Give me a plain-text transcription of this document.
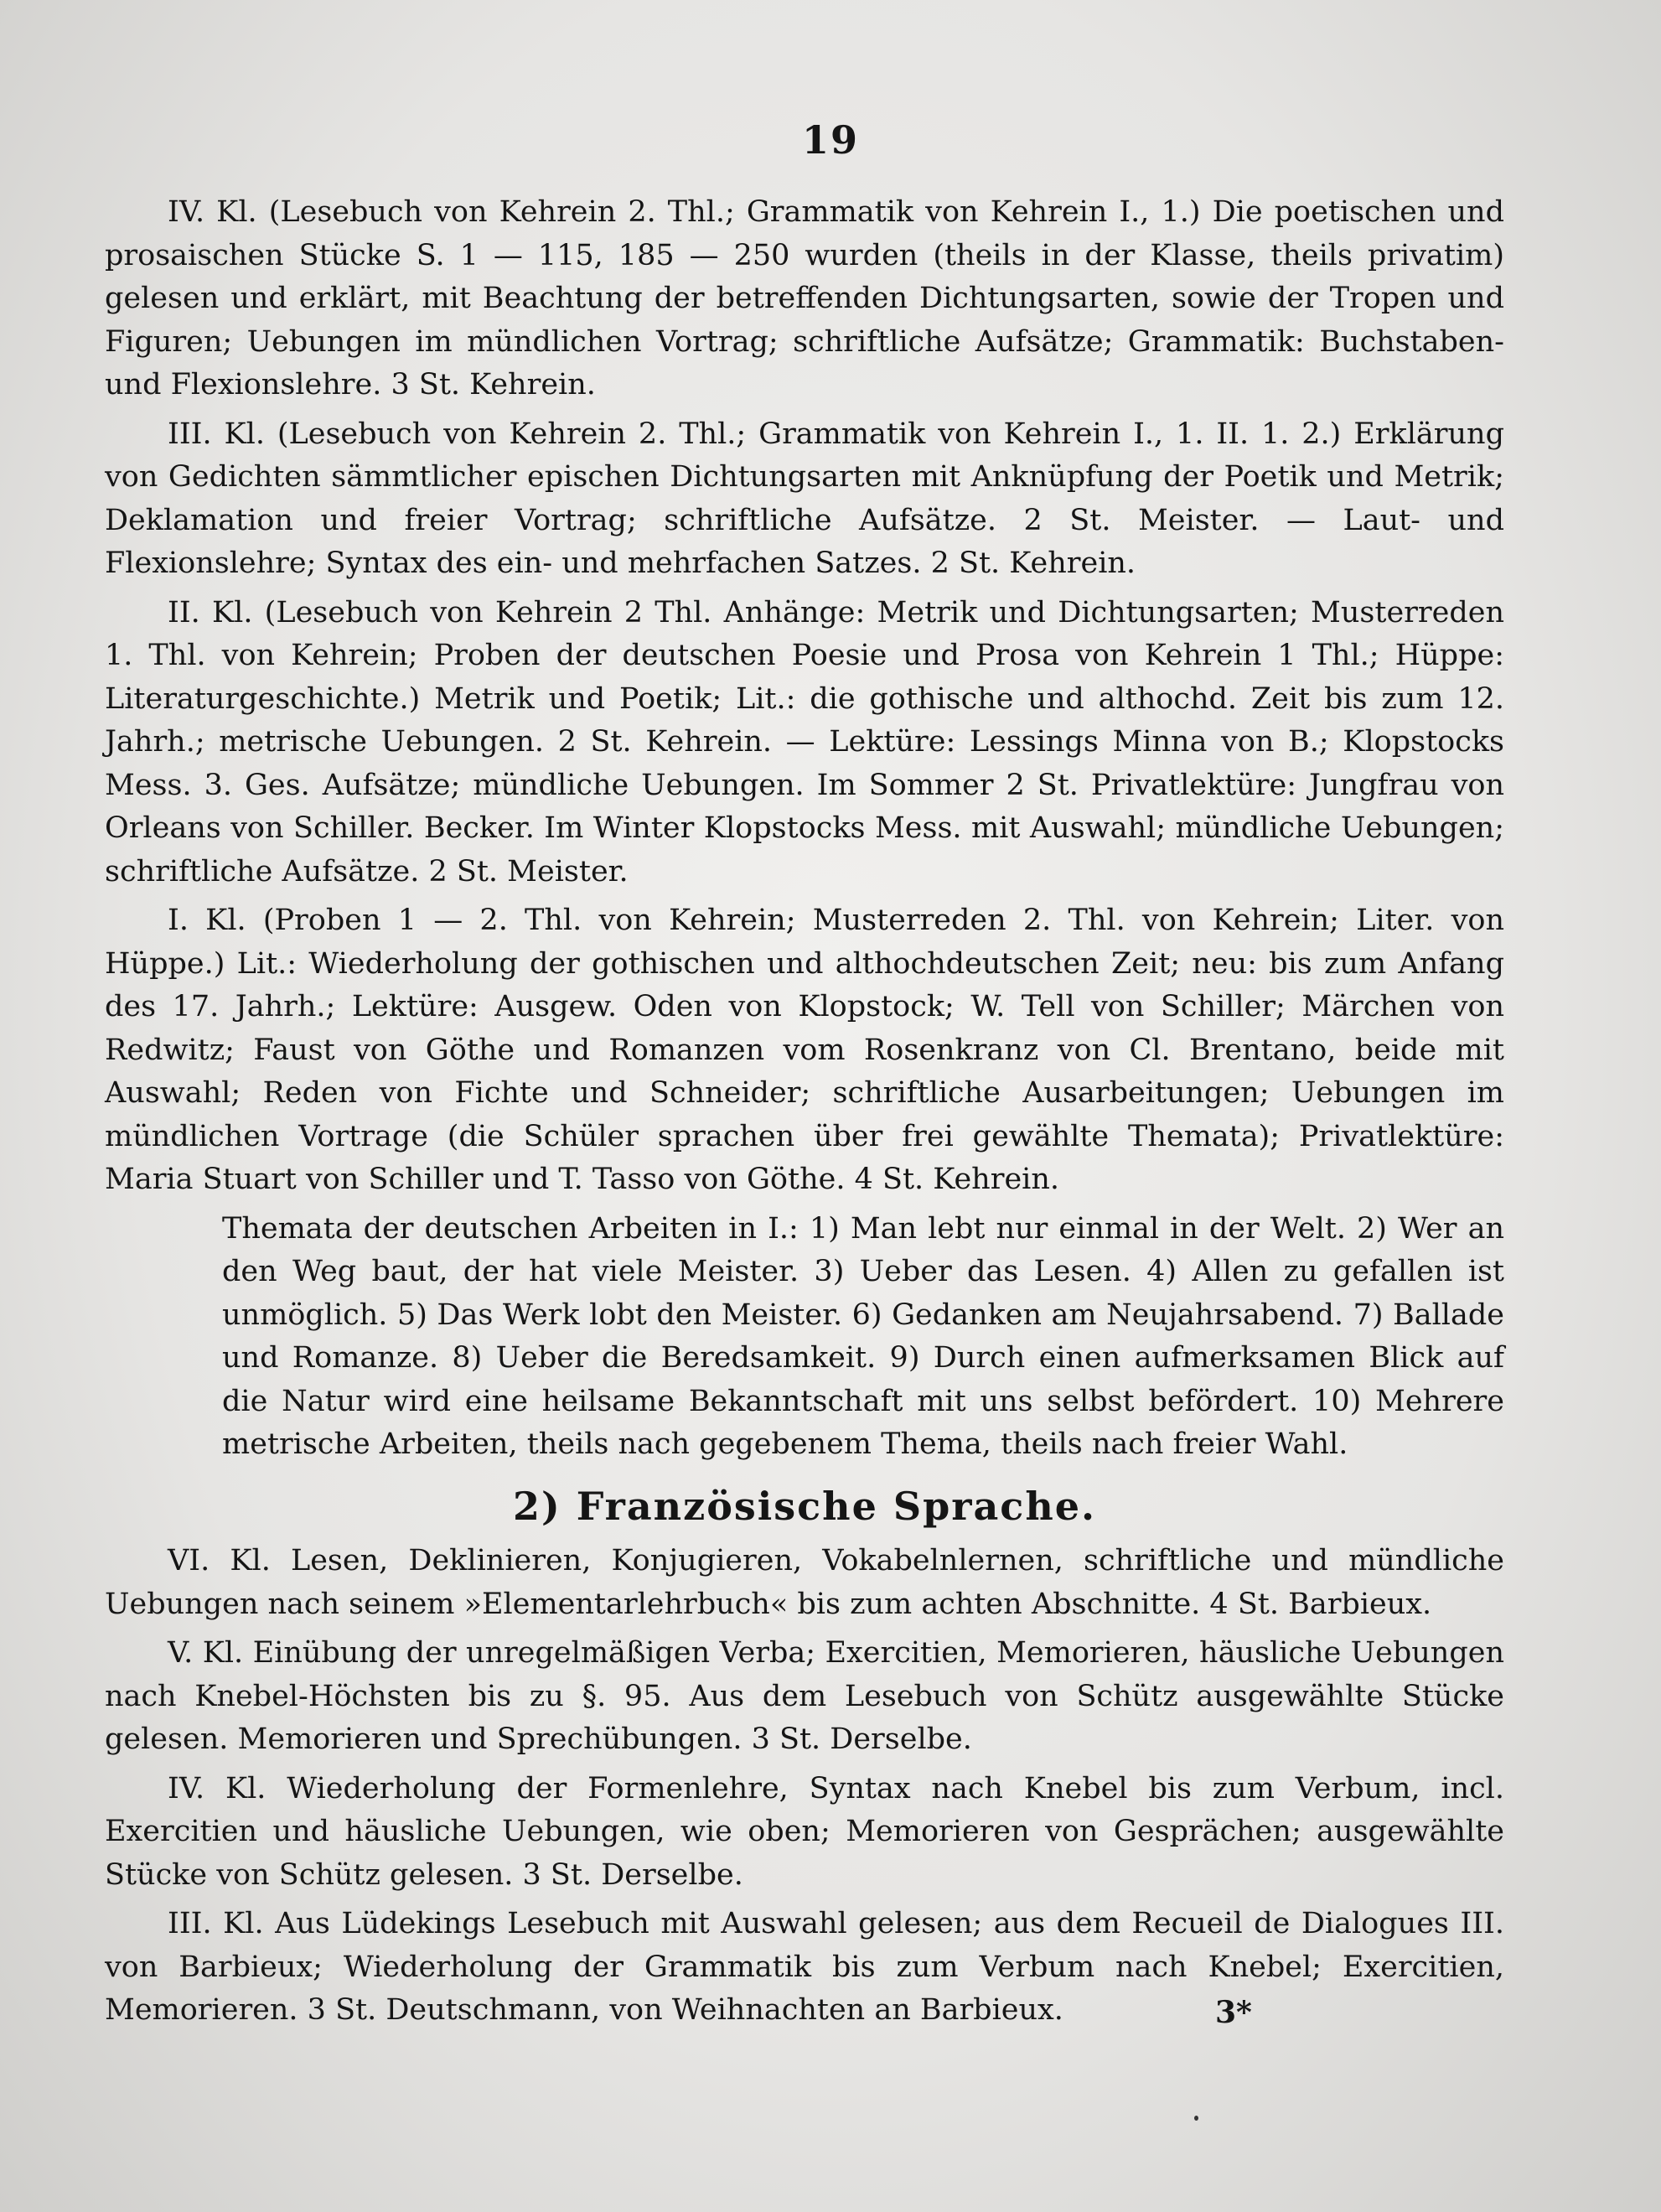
19

IV. Kl. (Lesebuch von Kehrein 2. Thl.; Grammatik von Kehrein I., 1.) Die poetischen und prosaischen Stücke S. 1 — 115, 185 — 250 wurden (theils in der Klasse, theils privatim) gelesen und erklärt, mit Beachtung der betreffenden Dichtungsarten, sowie der Tropen und Figuren; Uebungen im mündlichen Vortrag; schriftliche Aufsätze; Grammatik: Buchstaben- und Flexionslehre. 3 St. Kehrein.

III. Kl. (Lesebuch von Kehrein 2. Thl.; Grammatik von Kehrein I., 1. II. 1. 2.) Erklärung von Gedichten sämmtlicher epischen Dichtungsarten mit Anknüpfung der Poetik und Metrik; Deklamation und freier Vortrag; schriftliche Aufsätze. 2 St. Meister. — Laut- und Flexionslehre; Syntax des ein- und mehrfachen Satzes. 2 St. Kehrein.

II. Kl. (Lesebuch von Kehrein 2 Thl. Anhänge: Metrik und Dichtungsarten; Musterreden 1. Thl. von Kehrein; Proben der deutschen Poesie und Prosa von Kehrein 1 Thl.; Hüppe: Literaturgeschichte.) Metrik und Poetik; Lit.: die gothische und althochd. Zeit bis zum 12. Jahrh.; metrische Uebungen. 2 St. Kehrein. — Lektüre: Lessings Minna von B.; Klopstocks Mess. 3. Ges. Aufsätze; mündliche Uebungen. Im Sommer 2 St. Privatlektüre: Jungfrau von Orleans von Schiller. Becker. Im Winter Klopstocks Mess. mit Auswahl; mündliche Uebungen; schriftliche Aufsätze. 2 St. Meister.

I. Kl. (Proben 1 — 2. Thl. von Kehrein; Musterreden 2. Thl. von Kehrein; Liter. von Hüppe.) Lit.: Wiederholung der gothischen und althochdeutschen Zeit; neu: bis zum Anfang des 17. Jahrh.; Lektüre: Ausgew. Oden von Klopstock; W. Tell von Schiller; Märchen von Redwitz; Faust von Göthe und Romanzen vom Rosenkranz von Cl. Brentano, beide mit Auswahl; Reden von Fichte und Schneider; schriftliche Ausarbeitungen; Uebungen im mündlichen Vortrage (die Schüler sprachen über frei gewählte Themata); Privatlektüre: Maria Stuart von Schiller und T. Tasso von Göthe. 4 St. Kehrein.

Themata der deutschen Arbeiten in I.: 1) Man lebt nur einmal in der Welt. 2) Wer an den Weg baut, der hat viele Meister. 3) Ueber das Lesen. 4) Allen zu gefallen ist unmöglich. 5) Das Werk lobt den Meister. 6) Gedanken am Neujahrsabend. 7) Ballade und Romanze. 8) Ueber die Beredsamkeit. 9) Durch einen aufmerksamen Blick auf die Natur wird eine heilsame Bekanntschaft mit uns selbst befördert. 10) Mehrere metrische Arbeiten, theils nach gegebenem Thema, theils nach freier Wahl.

2) Französische Sprache.

VI. Kl. Lesen, Deklinieren, Konjugieren, Vokabelnlernen, schriftliche und mündliche Uebungen nach seinem »Elementarlehrbuch« bis zum achten Abschnitte. 4 St. Barbieux.

V. Kl. Einübung der unregelmäßigen Verba; Exercitien, Memorieren, häusliche Uebungen nach Knebel-Höchsten bis zu §. 95. Aus dem Lesebuch von Schütz ausgewählte Stücke gelesen. Memorieren und Sprechübungen. 3 St. Derselbe.

IV. Kl. Wiederholung der Formenlehre, Syntax nach Knebel bis zum Verbum, incl. Exercitien und häusliche Uebungen, wie oben; Memorieren von Gesprächen; ausgewählte Stücke von Schütz gelesen. 3 St. Derselbe.

III. Kl. Aus Lüdekings Lesebuch mit Auswahl gelesen; aus dem Recueil de Dialogues III. von Barbieux; Wiederholung der Grammatik bis zum Verbum nach Knebel; Exercitien, Memorieren. 3 St. Deutschmann, von Weihnachten an Barbieux.	3*
